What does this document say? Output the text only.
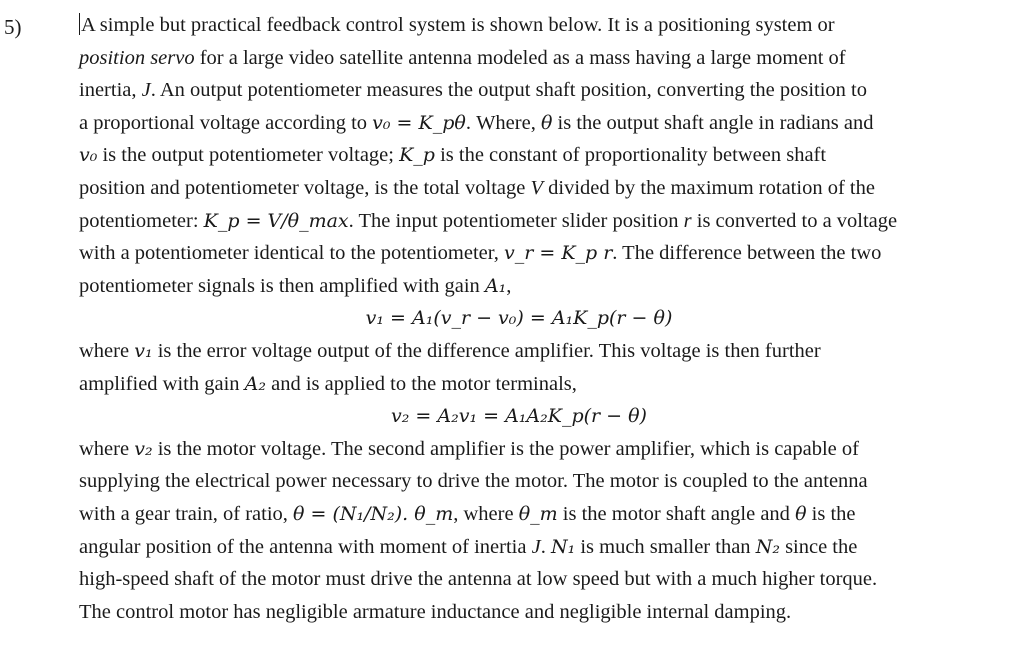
5)	A simple but practical feedback control system is shown below. It is a positioning system or
position servo for a large video satellite antenna modeled as a mass having a large moment of
inertia, J. An output potentiometer measures the output shaft position, converting the position to
a proportional voltage according to v₀ = K_pθ. Where, θ is the output shaft angle in radians and
v₀ is the output potentiometer voltage; K_p is the constant of proportionality between shaft
position and potentiometer voltage, is the total voltage V divided by the maximum rotation of the
potentiometer: K_p = V/θ_max. The input potentiometer slider position r is converted to a voltage
with a potentiometer identical to the potentiometer, v_r = K_p r. The difference between the two
potentiometer signals is then amplified with gain A₁,
v₁ = A₁(v_r − v₀) = A₁K_p(r − θ)
where v₁ is the error voltage output of the difference amplifier. This voltage is then further
amplified with gain A₂ and is applied to the motor terminals,
v₂ = A₂v₁ = A₁A₂K_p(r − θ)
where v₂ is the motor voltage. The second amplifier is the power amplifier, which is capable of
supplying the electrical power necessary to drive the motor. The motor is coupled to the antenna
with a gear train, of ratio, θ = (N₁/N₂). θ_m, where θ_m is the motor shaft angle and θ is the
angular position of the antenna with moment of inertia J. N₁ is much smaller than N₂ since the
high-speed shaft of the motor must drive the antenna at low speed but with a much higher torque.
The control motor has negligible armature inductance and negligible internal damping.
